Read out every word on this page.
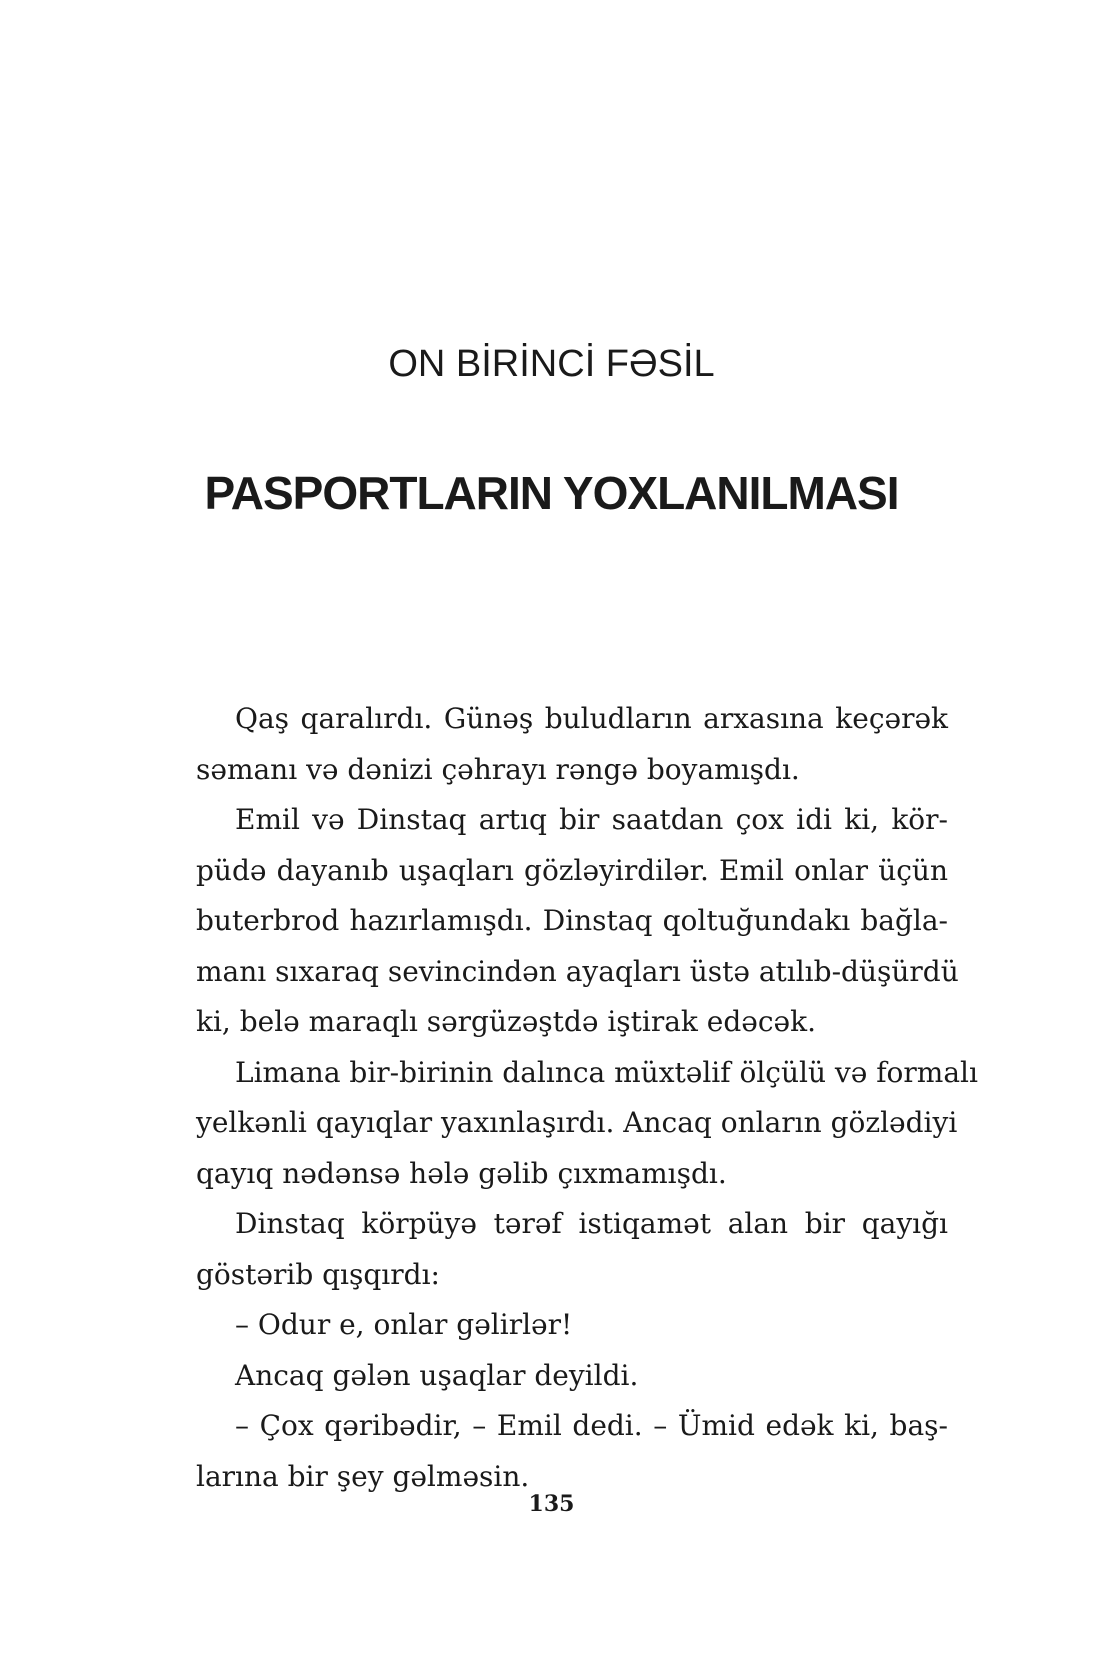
ON BİRİNCİ FƏSİL
PASPORTLARIN YOXLANILMASI
Qaş qaralırdı. Günəş buludların arxasına keçərək
səmanı və dənizi çəhrayı rəngə boyamışdı.
Emil və Dinstaq artıq bir saatdan çox idi ki, kör-
püdə dayanıb uşaqları gözləyirdilər. Emil onlar üçün
buterbrod hazırlamışdı. Dinstaq qoltuğundakı bağla-
manı sıxaraq sevincindən ayaqları üstə atılıb-düşürdü
ki, belə maraqlı sərgüzəştdə iştirak edəcək.
Limana bir-birinin dalınca müxtəlif ölçülü və formalı
yelkənli qayıqlar yaxınlaşırdı. Ancaq onların gözlədiyi
qayıq nədənsə hələ gəlib çıxmamışdı.
Dinstaq körpüyə tərəf istiqamət alan bir qayığı
göstərib qışqırdı:
– Odur e, onlar gəlirlər!
Ancaq gələn uşaqlar deyildi.
– Çox qəribədir, – Emil dedi. – Ümid edək ki, baş-
larına bir şey gəlməsin.
135
